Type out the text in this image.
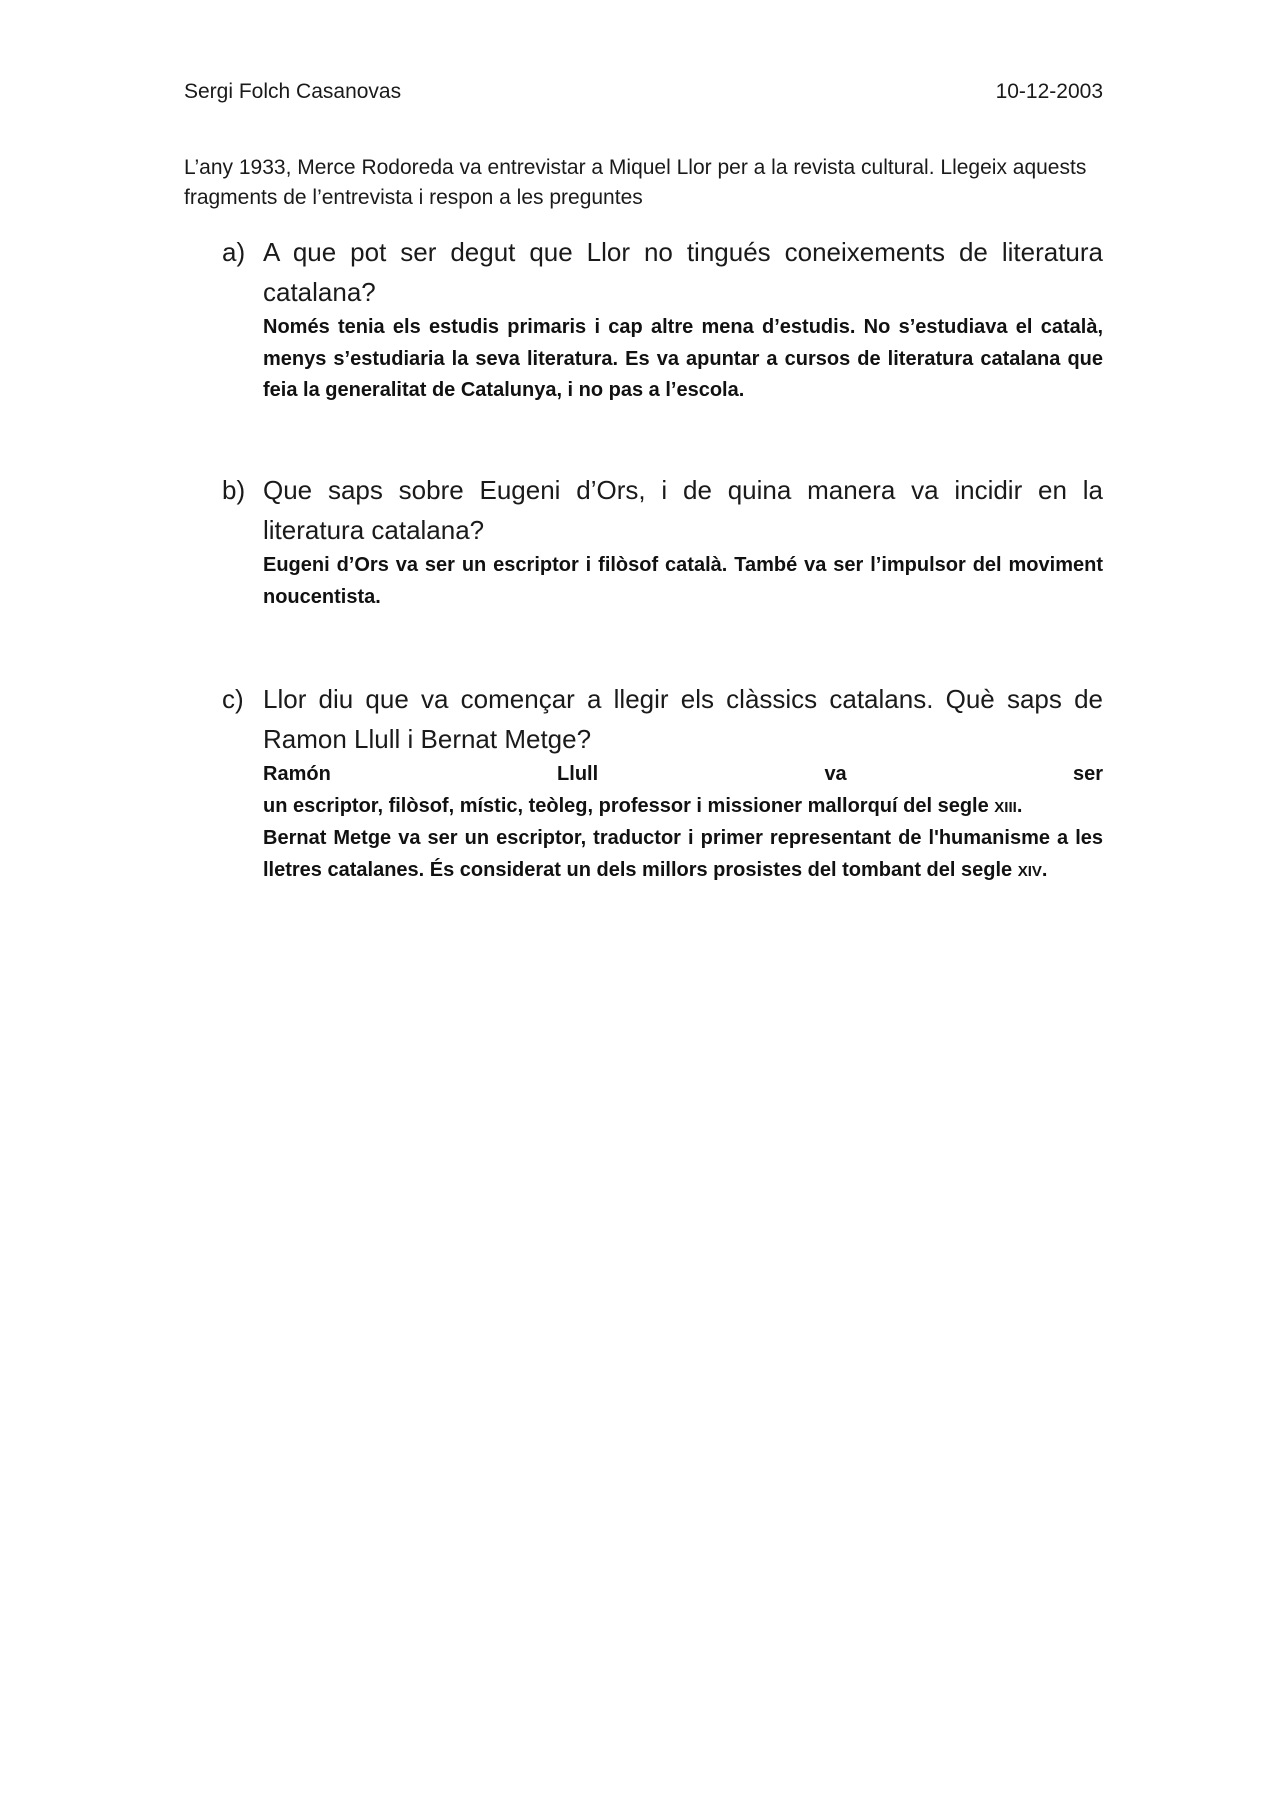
Sergi Folch Casanovas	10-12-2003
L’any 1933, Merce Rodoreda va entrevistar a Miquel Llor per a la revista cultural. Llegeix aquests fragments de l’entrevista i respon a les preguntes
a) A que pot ser degut que Llor no tingués coneixements de literatura catalana?

Només tenia els estudis primaris i cap altre mena d’estudis. No s’estudiava el català, menys s’estudiaria la seva literatura. Es va apuntar a cursos de literatura catalana que feia la generalitat de Catalunya, i no pas a l’escola.

b) Que saps sobre Eugeni d’Ors, i de quina manera va incidir en la literatura catalana?

Eugeni d’Ors va ser un escriptor i filòsof català. També va ser l’impulsor del moviment noucentista.

c) Llor diu que va començar a llegir els clàssics catalans. Què saps de Ramon Llull i Bernat Metge?

Ramón Llull va ser

un escriptor, filòsof, místic, teòleg, professor i missioner mallorquí del segle XIII.

Bernat Metge va ser un escriptor, traductor i primer representant de l'humanisme a les lletres catalanes. És considerat un dels millors prosistes del tombant del segle XIV.
